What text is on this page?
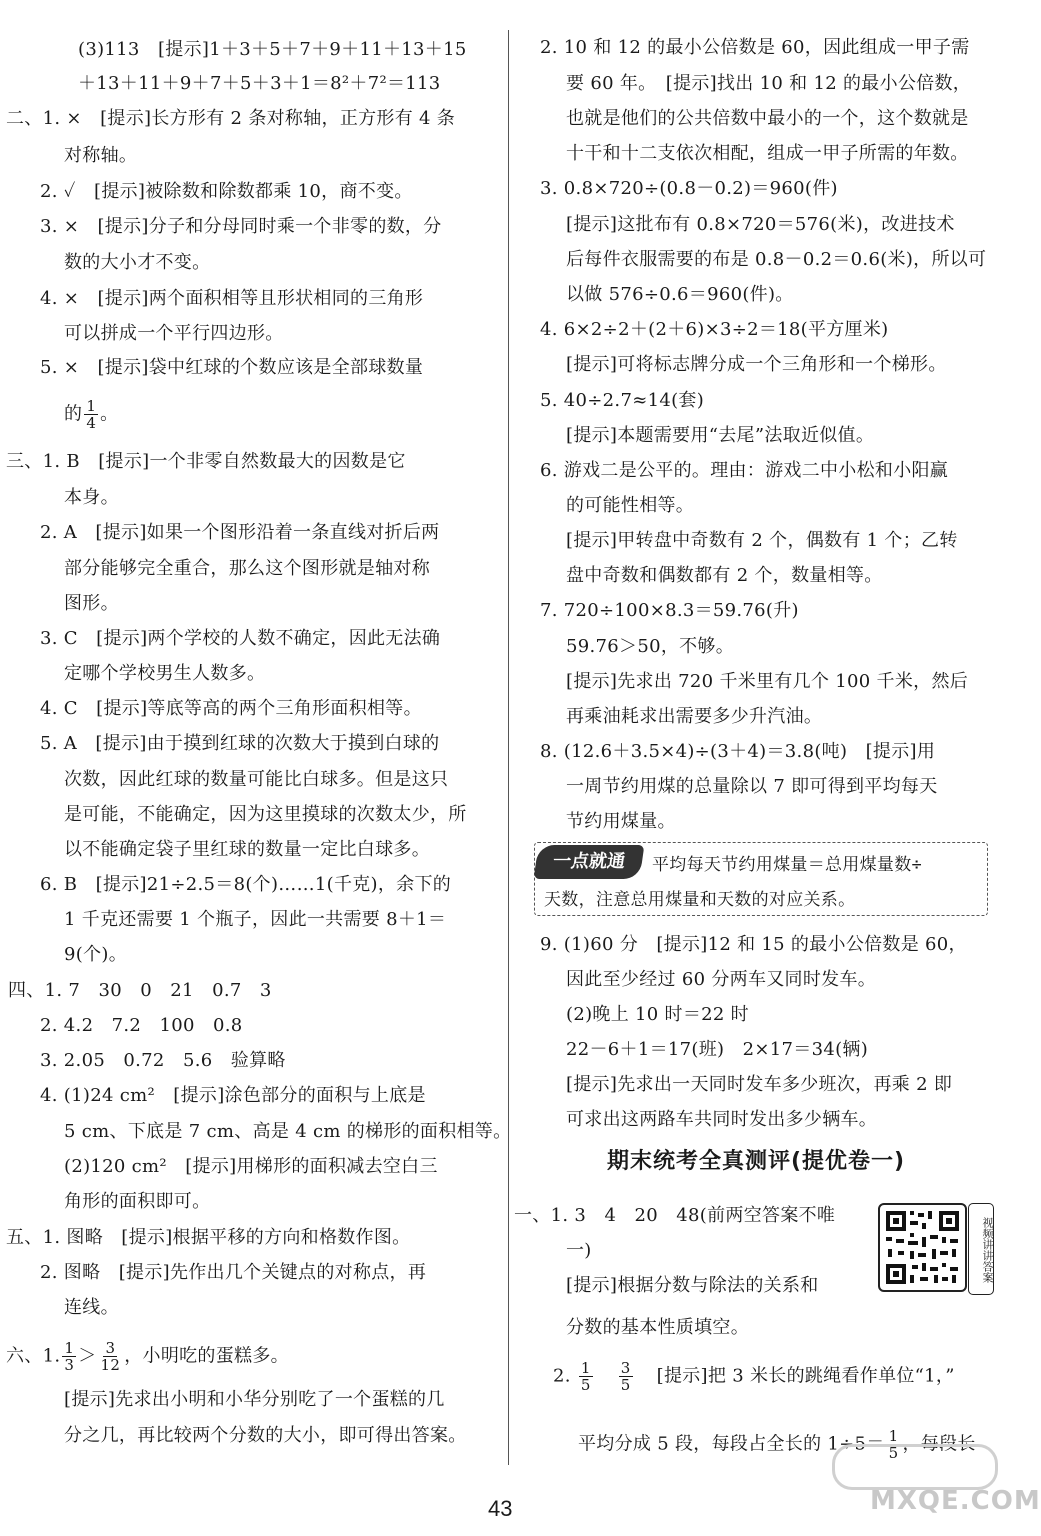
(3)113　[提示]1＋3＋5＋7＋9＋11＋13＋15
＋13＋11＋9＋7＋5＋3＋1＝8²＋7²＝113
二、1. ×　[提示]长方形有 2 条对称轴，正方形有 4 条
对称轴。
2. ✓　[提示]被除数和除数都乘 10，商不变。
3. ×　[提示]分子和分母同时乘一个非零的数，分
数的大小才不变。
4. ×　[提示]两个面积相等且形状相同的三角形
可以拼成一个平行四边形。
5. ×　[提示]袋中红球的个数应该是全部球数量
的 $\frac{1}{4}$ 。
三、1. B　[提示]一个非零自然数最大的因数是它
本身。
2. A　[提示]如果一个图形沿着一条直线对折后两
部分能够完全重合，那么这个图形就是轴对称
图形。
3. C　[提示]两个学校的人数不确定，因此无法确
定哪个学校男生人数多。
4. C　[提示]等底等高的两个三角形面积相等。
5. A　[提示]由于摸到红球的次数大于摸到白球的
次数，因此红球的数量可能比白球多。但是这只
是可能，不能确定，因为这里摸球的次数太少，所
以不能确定袋子里红球的数量一定比白球多。
6. B　[提示]21÷2.5＝8(个)……1(千克)，余下的
1 千克还需要 1 个瓶子，因此一共需要 8＋1＝
9(个)。
四、1. 7　30　0　21　0.7　3
2. 4.2　7.2　100　0.8
3. 2.05　0.72　5.6　验算略
4. (1)24 cm²　[提示]涂色部分的面积与上底是
5 cm、下底是 7 cm、高是 4 cm 的梯形的面积相等。
(2)120 cm²　[提示]用梯形的面积减去空白三
角形的面积即可。
五、1. 图略　[提示]根据平移的方向和格数作图。
2. 图略　[提示]先作出几个关键点的对称点，再
连线。
六、1. $\frac{1}{3} > \frac{3}{12}$ ，小明吃的蛋糕多。
[提示]先求出小明和小华分别吃了一个蛋糕的几
分之几，再比较两个分数的大小，即可得出答案。
2. 10 和 12 的最小公倍数是 60，因此组成一甲子需
要 60 年。　[提示]找出 10 和 12 的最小公倍数，
也就是他们的公共倍数中最小的一个，这个数就是
十干和十二支依次相配，组成一甲子所需的年数。
3. 0.8×720÷(0.8－0.2)＝960(件)
[提示]这批布有 0.8×720＝576(米)，改进技术
后每件衣服需要的布是 0.8－0.2＝0.6(米)，所以可
以做 576÷0.6＝960(件)。
4. 6×2÷2＋(2＋6)×3÷2＝18(平方厘米)
[提示]可将标志牌分成一个三角形和一个梯形。
5. 40÷2.7≈14(套)
[提示]本题需要用“去尾”法取近似值。
6. 游戏二是公平的。理由：游戏二中小松和小阳赢
的可能性相等。
[提示]甲转盘中奇数有 2 个，偶数有 1 个；乙转
盘中奇数和偶数都有 2 个，数量相等。
7. 720÷100×8.3＝59.76(升)
59.76＞50，不够。
[提示]先求出 720 千米里有几个 100 千米，然后
再乘油耗求出需要多少升汽油。
8. (12.6＋3.5×4)÷(3＋4)＝3.8(吨)　[提示]用
一周节约用煤的总量除以 7 即可得到平均每天
节约用煤量。
一点就通	平均每天节约用煤量＝总用煤量数÷
天数，注意总用煤量和天数的对应关系。
9. (1)60 分　[提示]12 和 15 的最小公倍数是 60，
因此至少经过 60 分两车又同时发车。
(2)晚上 10 时＝22 时
22－6＋1＝17(班)　2×17＝34(辆)
[提示]先求出一天同时发车多少班次，再乘 2 即
可求出这两路车共同时发出多少辆车。
期末统考全真测评(提优卷一)
一、1. 3　4　20　48(前两空答案不唯
一)
[提示]根据分数与除法的关系和
分数的基本性质填空。
2. $\frac{1}{5}$
$\frac{3}{5}$ [提示]把 3 米长的跳绳看作单位“1，”
平均分成 5 段，每段占全长的 $1\div 5= \frac{1}{5}$ ，每段长
视频讲讲答案
43	MXQE.COM
